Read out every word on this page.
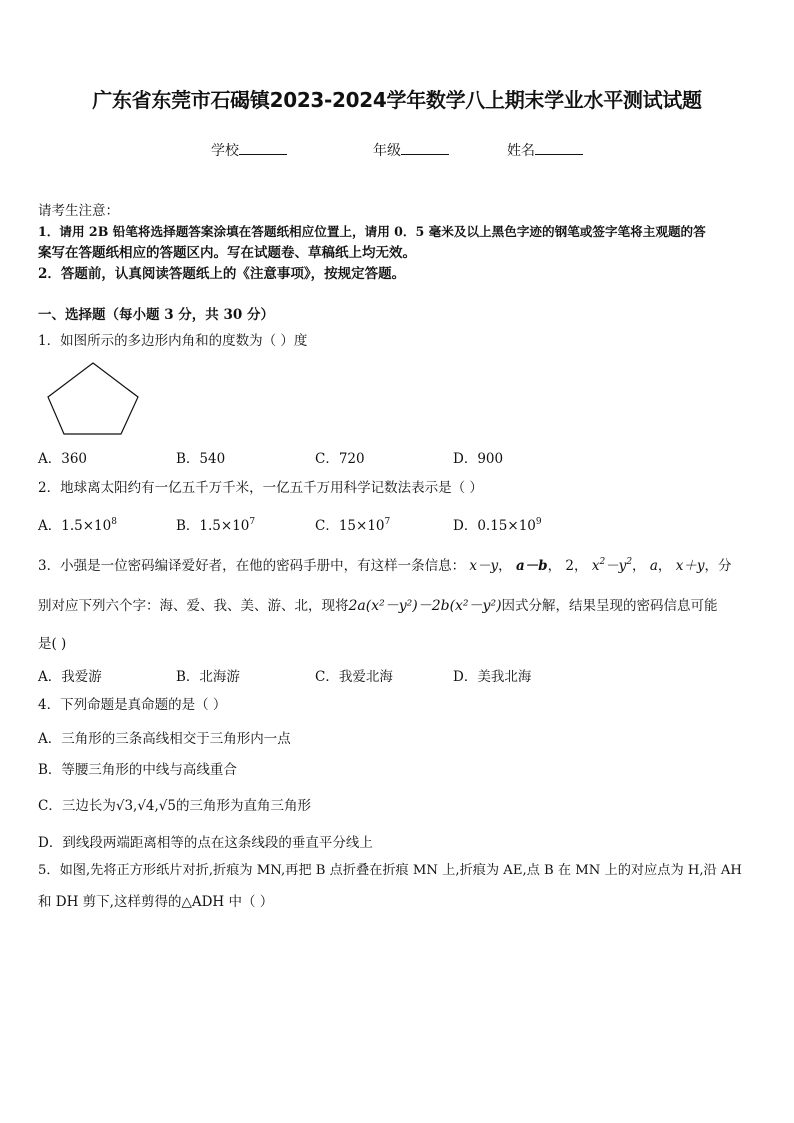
广东省东莞市石碣镇2023-2024学年数学八上期末学业水平测试试题
学校	年级	姓名
请考生注意：
1．请用 2B 铅笔将选择题答案涂填在答题纸相应位置上，请用 0．5 毫米及以上黑色字迹的钢笔或签字笔将主观题的答
案写在答题纸相应的答题区内。写在试题卷、草稿纸上均无效。
2．答题前，认真阅读答题纸上的《注意事项》，按规定答题。
一、选择题（每小题 3 分，共 30 分）
1．如图所示的多边形内角和的度数为（ ）度
A．360	B．540	C．720	D．900
2．地球离太阳约有一亿五千万千米，一亿五千万用科学记数法表示是（ ）
A．$1.5\times 10^8$	B．$1.5\times 10^7$	C．$15\times 10^7$	D．$0.15\times 10^9$
3．小强是一位密码编译爱好者，在他的密码手册中，有这样一条信息： x－y， a－b， 2， $x^2-y^2$， a， x＋y，分
别对应下列六个字：海、爱、我、美、游、北，现将2a(x²－y²)－2b(x²－y²)因式分解，结果呈现的密码信息可能
是( )
A．我爱游	B．北海游	C．我爱北海	D．美我北海
4．下列命题是真命题的是（ ）
A．三角形的三条高线相交于三角形内一点
B．等腰三角形的中线与高线重合
C．三边长为√3,√4,√5的三角形为直角三角形
D．到线段两端距离相等的点在这条线段的垂直平分线上
5．如图,先将正方形纸片对折,折痕为 MN,再把 B 点折叠在折痕 MN 上,折痕为 AE,点 B 在 MN 上的对应点为 H,沿 AH
和 DH 剪下,这样剪得的△ADH 中（ ）
